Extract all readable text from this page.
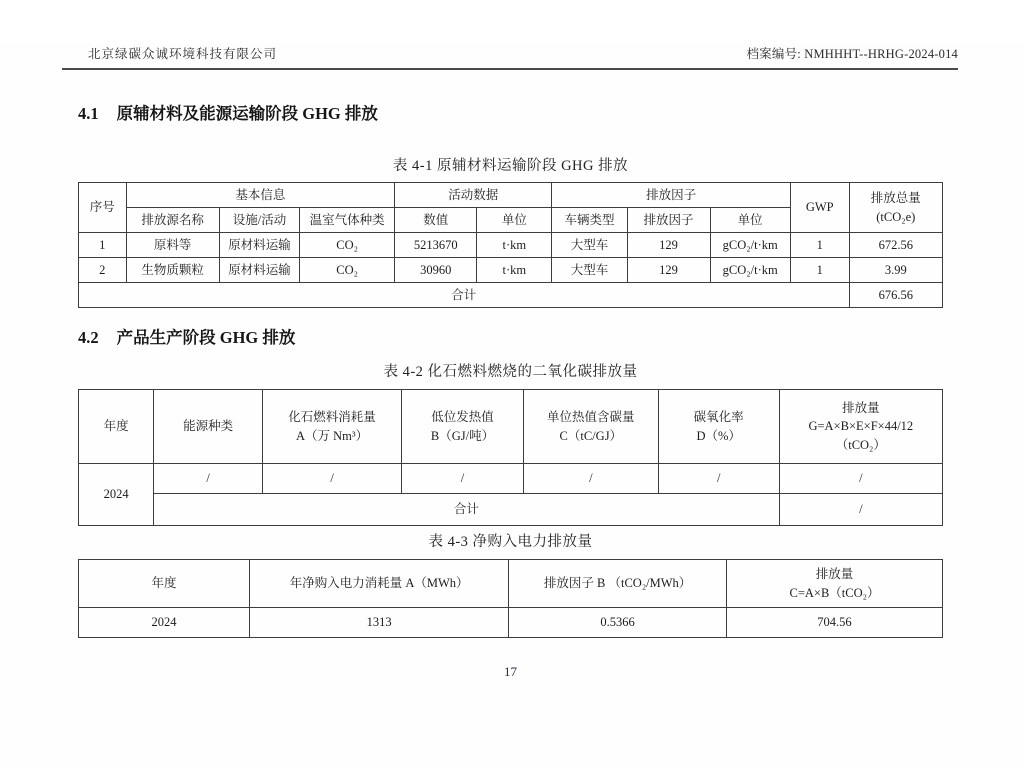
北京绿碳众诚环境科技有限公司	档案编号: NMHHHT--HRHG-2024-014
4.1 原辅材料及能源运输阶段 GHG 排放
表 4-1 原辅材料运输阶段 GHG 排放
序号	基本信息			活动数据		排放因子			GWP	排放总量
(tCO₂e)

	排放源名称	设施/活动	温室气体种类	数值	单位	车辆类型	排放因子	单位		
1	原料等	原材料运输	CO₂	5213670	t·km	大型车	129	gCO₂/t·km	1	672.56
2	生物质颗粒	原材料运输	CO₂	30960	t·km	大型车	129	gCO₂/t·km	1	3.99
合计										676.56
4.2 产品生产阶段 GHG 排放
表 4-2 化石燃料燃烧的二氧化碳排放量
年度	能源种类	化石燃料消耗量
A（万 Nm³）	低位发热值
B（GJ/吨）	单位热值含碳量
C（tC/GJ）	碳氧化率
D（%）	排放量
G=A×B×E×F×44/12
（tCO₂）

2024	/	/	/	/	/	/
	合计					/
表 4-3 净购入电力排放量
年度	年净购入电力消耗量 A（MWh）	排放因子 B （tCO₂/MWh）	排放量
C=A×B（tCO₂）

2024	1313	0.5366	704.56
17
